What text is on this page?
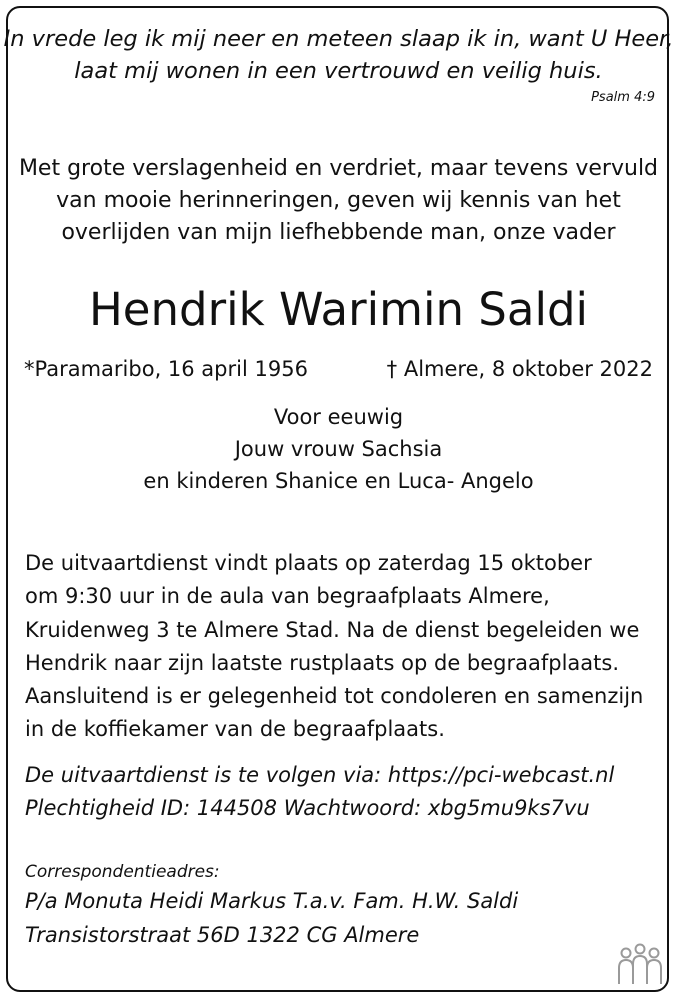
In vrede leg ik mij neer en meteen slaap ik in, want U Heer,
laat mij wonen in een vertrouwd en veilig huis.
Psalm 4:9
Met grote verslagenheid en verdriet, maar tevens vervuld
van mooie herinneringen, geven wij kennis van het
overlijden van mijn liefhebbende man, onze vader
Hendrik Warimin Saldi
*Paramaribo, 16 april 1956	† Almere, 8 oktober 2022
Voor eeuwig
Jouw vrouw Sachsia
en kinderen Shanice en Luca- Angelo
De uitvaartdienst vindt plaats op zaterdag 15 oktober
om 9:30 uur in de aula van begraafplaats Almere,
Kruidenweg 3 te Almere Stad. Na de dienst begeleiden we
Hendrik naar zijn laatste rustplaats op de begraafplaats.
Aansluitend is er gelegenheid tot condoleren en samenzijn
in de koffiekamer van de begraafplaats.
De uitvaartdienst is te volgen via: https://pci-webcast.nl
Plechtigheid ID: 144508 Wachtwoord: xbg5mu9ks7vu
Correspondentieadres:
P/a Monuta Heidi Markus T.a.v. Fam. H.W. Saldi
Transistorstraat 56D 1322 CG Almere
